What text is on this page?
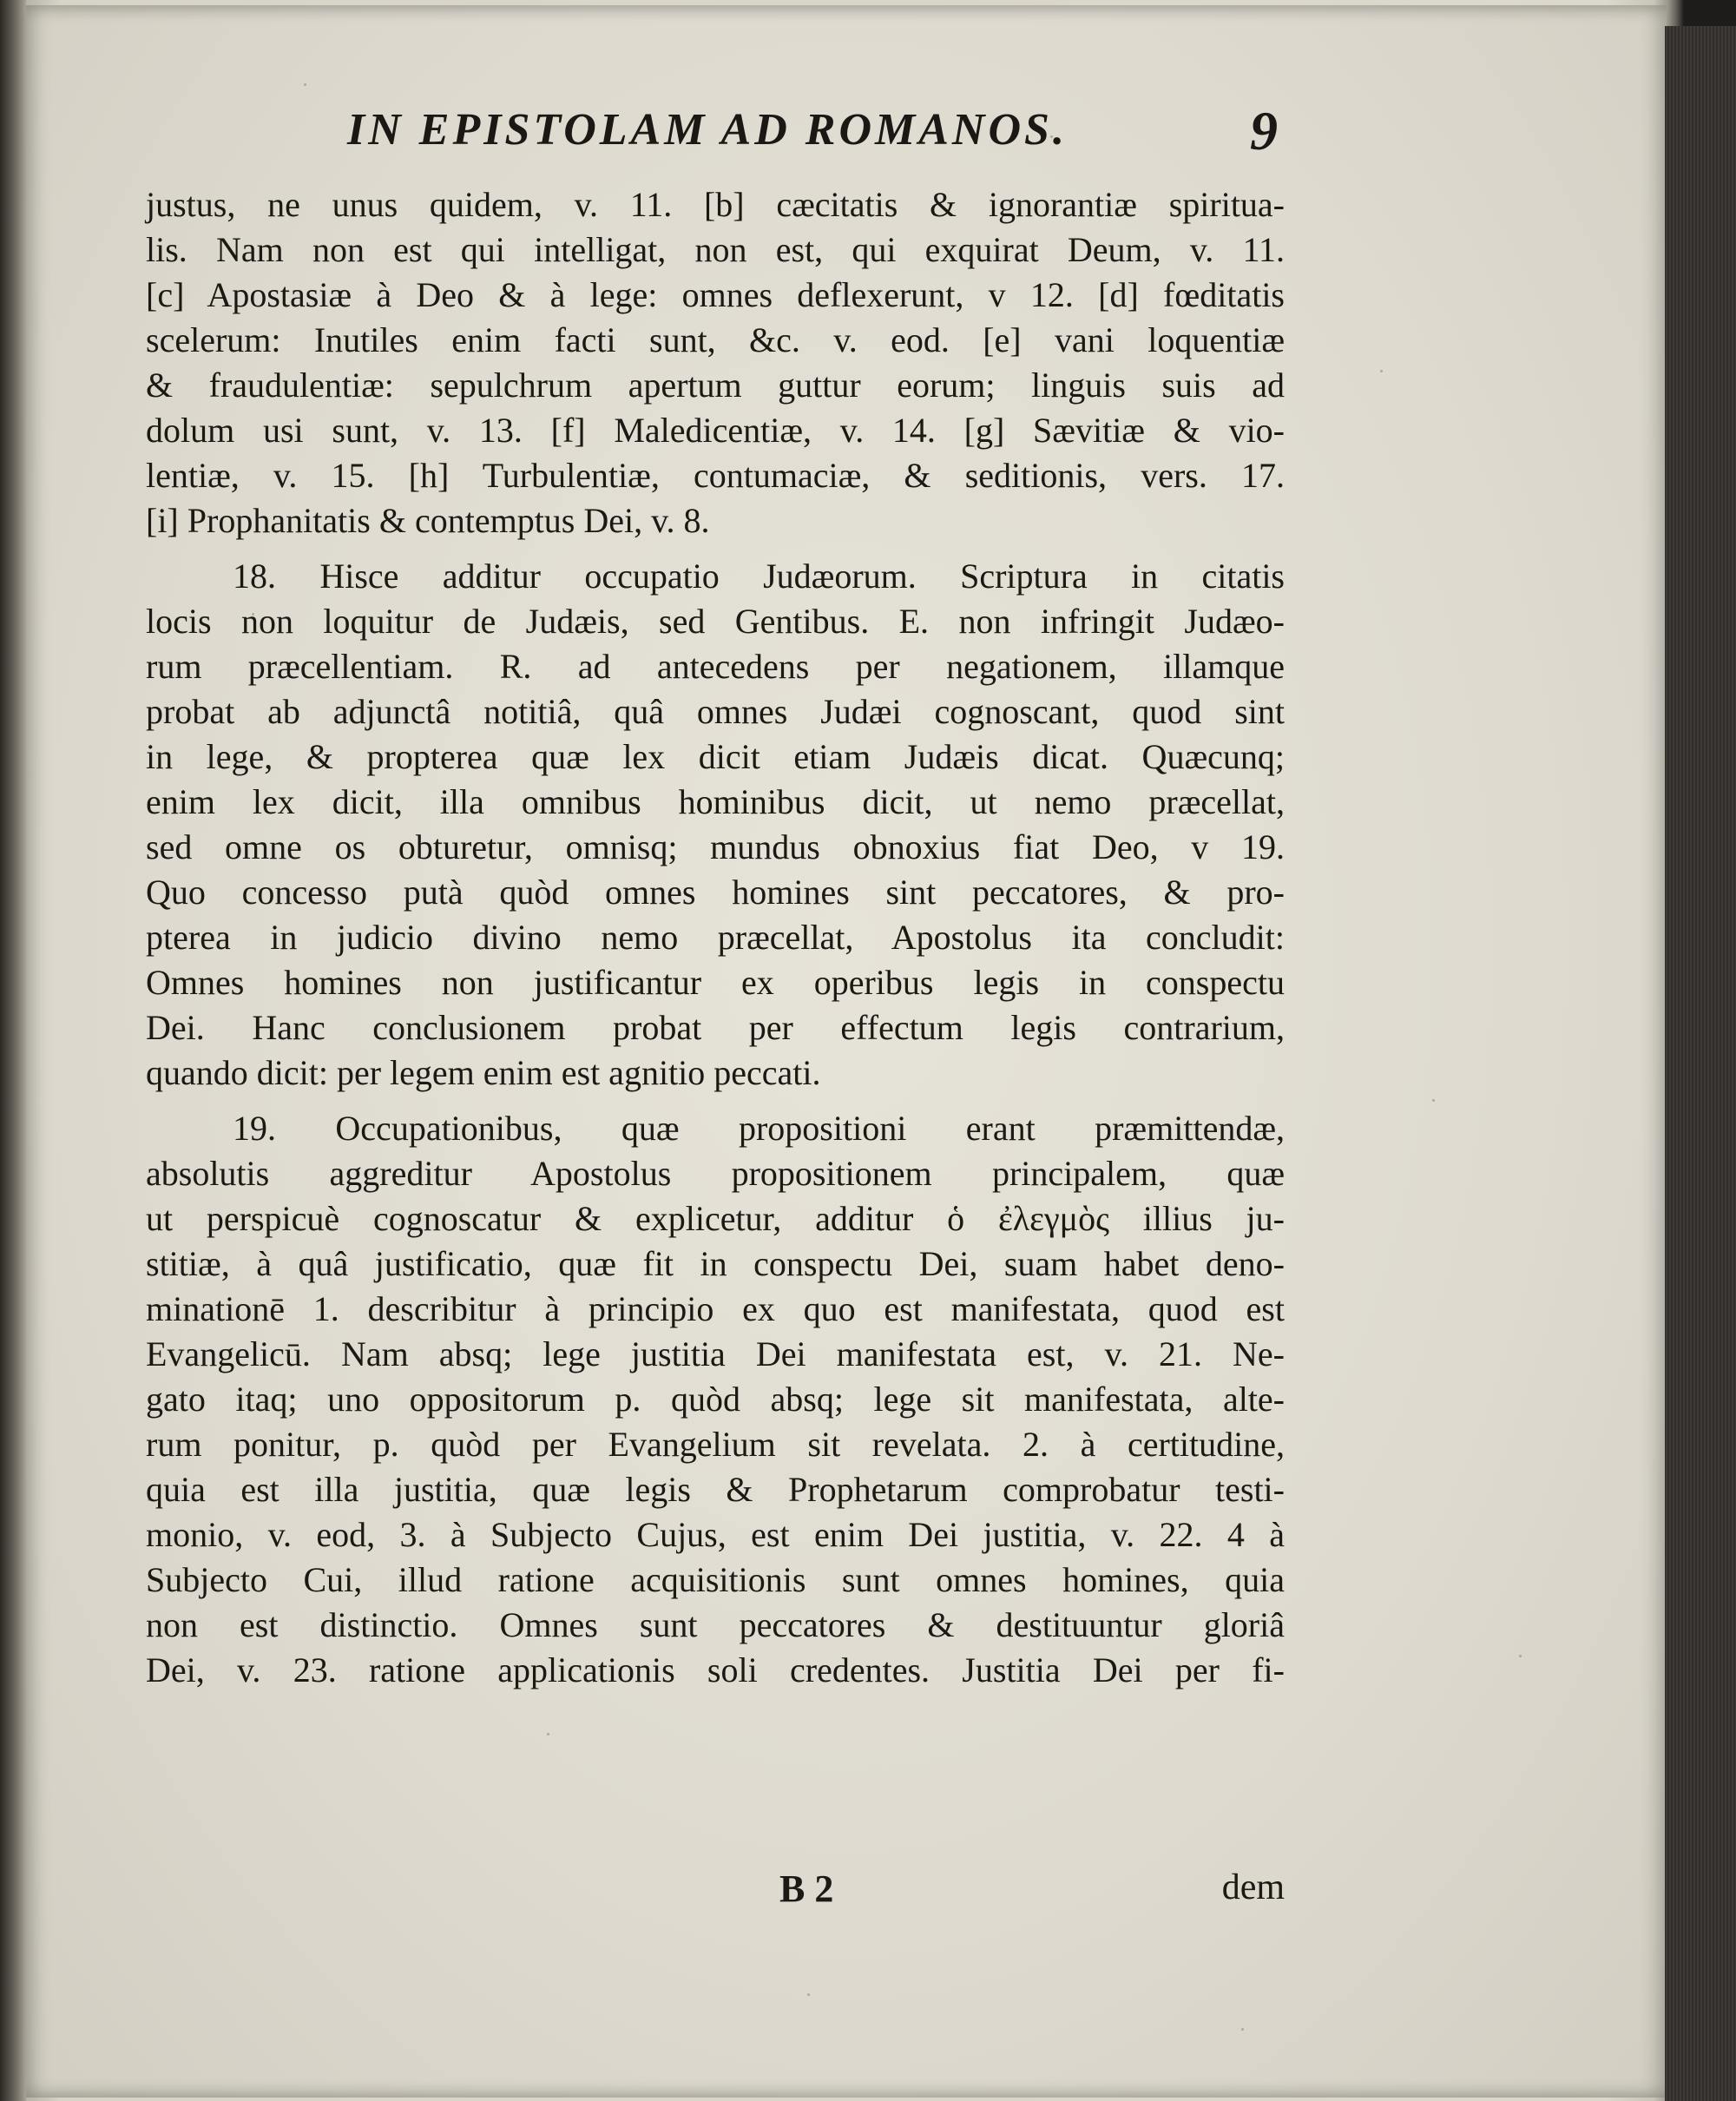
IN EPISTOLAM AD ROMANOS.	9
justus, ne unus quidem, v. 11. [b] cæcitatis & ignorantiæ spiritua-
lis. Nam non est qui intelligat, non est, qui exquirat Deum, v. 11.
[c] Apostasiæ à Deo & à lege: omnes deflexerunt, v 12. [d] fœditatis
scelerum: Inutiles enim facti sunt, &c. v. eod. [e] vani loquentiæ
& fraudulentiæ: sepulchrum apertum guttur eorum; linguis suis ad
dolum usi sunt, v. 13. [f] Maledicentiæ, v. 14. [g] Sævitiæ & vio-
lentiæ, v. 15. [h] Turbulentiæ, contumaciæ, & seditionis, vers. 17.
[i] Prophanitatis & contemptus Dei, v. 8.
18. Hisce additur occupatio Judæorum. Scriptura in citatis
locis non loquitur de Judæis, sed Gentibus. E. non infringit Judæo-
rum præcellentiam. R. ad antecedens per negationem, illamque
probat ab adjunctâ notitiâ, quâ omnes Judæi cognoscant, quod sint
in lege, & propterea quæ lex dicit etiam Judæis dicat. Quæcunq;
enim lex dicit, illa omnibus hominibus dicit, ut nemo præcellat,
sed omne os obturetur, omnisq; mundus obnoxius fiat Deo, v 19.
Quo concesso putà quòd omnes homines sint peccatores, & pro-
pterea in judicio divino nemo præcellat, Apostolus ita concludit:
Omnes homines non justificantur ex operibus legis in conspectu
Dei. Hanc conclusionem probat per effectum legis contrarium,
quando dicit: per legem enim est agnitio peccati.
19. Occupationibus, quæ propositioni erant præmittendæ,
absolutis aggreditur Apostolus propositionem principalem, quæ
ut perspicuè cognoscatur & explicetur, additur ὁ ἐλεγμὸς illius ju-
stitiæ, à quâ justificatio, quæ fit in conspectu Dei, suam habet deno-
minationē 1. describitur à principio ex quo est manifestata, quod est
Evangelicū. Nam absq; lege justitia Dei manifestata est, v. 21. Ne-
gato itaq; uno oppositorum p. quòd absq; lege sit manifestata, alte-
rum ponitur, p. quòd per Evangelium sit revelata. 2. à certitudine,
quia est illa justitia, quæ legis & Prophetarum comprobatur testi-
monio, v. eod, 3. à Subjecto Cujus, est enim Dei justitia, v. 22. 4 à
Subjecto Cui, illud ratione acquisitionis sunt omnes homines, quia
non est distinctio. Omnes sunt peccatores & destituuntur gloriâ
Dei, v. 23. ratione applicationis soli credentes. Justitia Dei per fi-
B 2	dem
